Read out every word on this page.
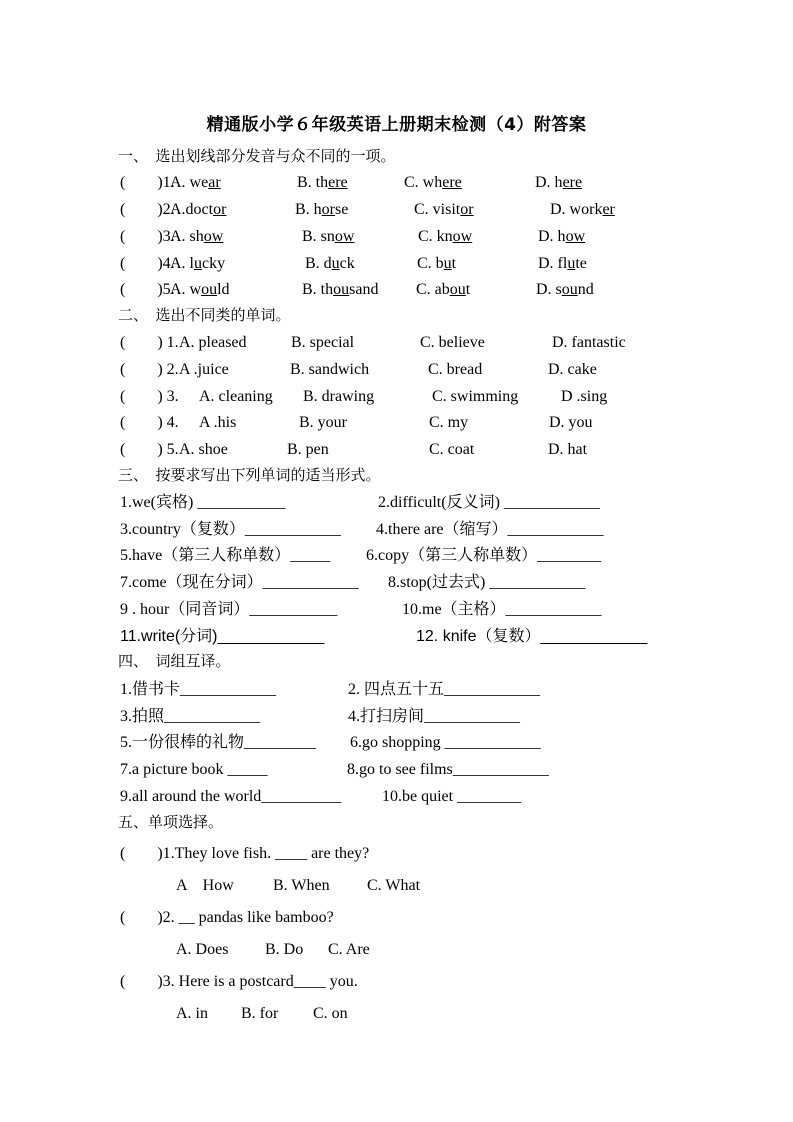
精通版小学６年级英语上册期末检测（4）附答案
一、　选出划线部分发音与众不同的一项。
(　　)1.
A. wear	B. there	C. where	D. here
(　　)2.
A.doctor	B. horse	C. visitor	D. worker
(　　)3.
A. show	B. snow	C. know	D. how
(　　)4.
A. lucky	B. duck	C. but	D. flute
(　　)5.
A. would	B. thousand C. about	D. sound
二、　选出不同类的单词。
(　　) 1. A. pleased	B. special	C. believe	D. fantastic
(　　) 2. A .juice	B. sandwich	C. bread	D. cake
(　　) 3. A. cleaning B. drawing	C. swimming	D .sing
(　　) 4. A .his	B. your	C. my	D. you
(　　) 5. A. shoe	B. pen	C. coat	D. hat
三、　按要求写出下列单词的适当形式。
1.we(宾格) ___________	2.difficult(反义词) ____________
3.country（复数）____________ 4.there are（缩写）____________
5.have（第三人称单数）_____ 6.copy（第三人称单数）________
7.come（现在分词）____________ 8.stop(过去式) ____________
9 . hour（同音词）___________	10.me（主格）____________
11.write(分词)____________	12. knife（复数）____________
四、　词组互译。
1.借书卡____________	2. 四点五十五____________
3.拍照____________	4.打扫房间____________
5.一份很棒的礼物_________ 6.go shopping ____________
7.a picture book _____	8.go to see films____________
9.all around the world__________	10.be quiet ________
五、单项选择。
(　　)1.They love fish. ____ are they?
A　How B. When C. What
(　　)2. __ pandas like bamboo?
A. Does B. Do C. Are
(　　)3. Here is a postcard____ you.
A. in B. for C. on
